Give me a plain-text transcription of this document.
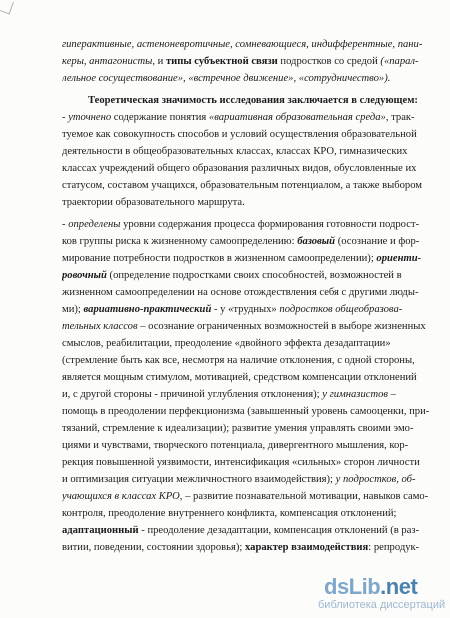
гиперактивные, астеноневротичные, сомневающиеся, индифферентные, пани-
керы, антагонисты, и типы субъектной связи подростков со средой («парал-
лельное сосуществование», «встречное движение», «сотрудничество»).
Теоретическая значимость исследования заключается в следующем:
- уточнено содержание понятия «вариативная образовательная среда», трак-
туемое как совокупность способов и условий осуществления образовательной
деятельности в общеобразовательных классах, классах КРО, гимназических
классах учреждений общего образования различных видов, обусловленные их
статусом, составом учащихся, образовательным потенциалом, а также выбором
траектории образовательного маршрута.
- определены уровни содержания процесса формирования готовности подрост-
ков группы риска к жизненному самоопределению: базовый (осознание и фор-
мирование потребности подростков в жизненном самоопределении); ориенти-
ровочный (определение подростками своих способностей, возможностей в
жизненном самоопределении на основе отождествления себя с другими люды-
ми); вариативно-практический - у «трудных» подростков общеобразова-
тельных классов – осознание ограниченных возможностей в выборе жизненных
смыслов, реабилитации, преодоление «двойного эффекта дезадаптации»
(стремление быть как все, несмотря на наличие отклонения, с одной стороны,
является мощным стимулом, мотивацией, средством компенсации отклонений
и, с другой стороны - причиной углубления отклонения); у гимназистов –
помощь в преодолении перфекционизма (завышенный уровень самооценки, при-
тязаний, стремление к идеализации); развитие умения управлять своими эмо-
циями и чувствами, творческого потенциала, дивергентного мышления, кор-
рекция повышенной уязвимости, интенсификация «сильных» сторон личности
и оптимизация ситуации межличностного взаимодействия); у подростков, об-
учающихся в классах КРО, – развитие познавательной мотивации, навыков само-
контроля, преодоление внутреннего конфликта, компенсация отклонений;
адаптационный - преодоление дезадаптации, компенсация отклонений (в раз-
витии, поведении, состоянии здоровья); характер взаимодействия: репродук-
dsLib.net
библиотека диссертаций
